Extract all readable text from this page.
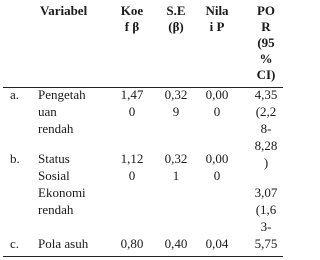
Variabel	Koe
f β
S.E
(β)
Nila
i P
PO
R
(95
%
CI)
a. Pengetah
uan
rendah
1,47
0
0,32
9
0,00
0
4,35
(2,2
8-
8,28
)
b. Status
Sosial
Ekonomi
rendah
1,12
0
0,32
1
0,00
0
3,07
(1,6
3-
c. Pola asuh 0,80 0,40 0,04 5,75
